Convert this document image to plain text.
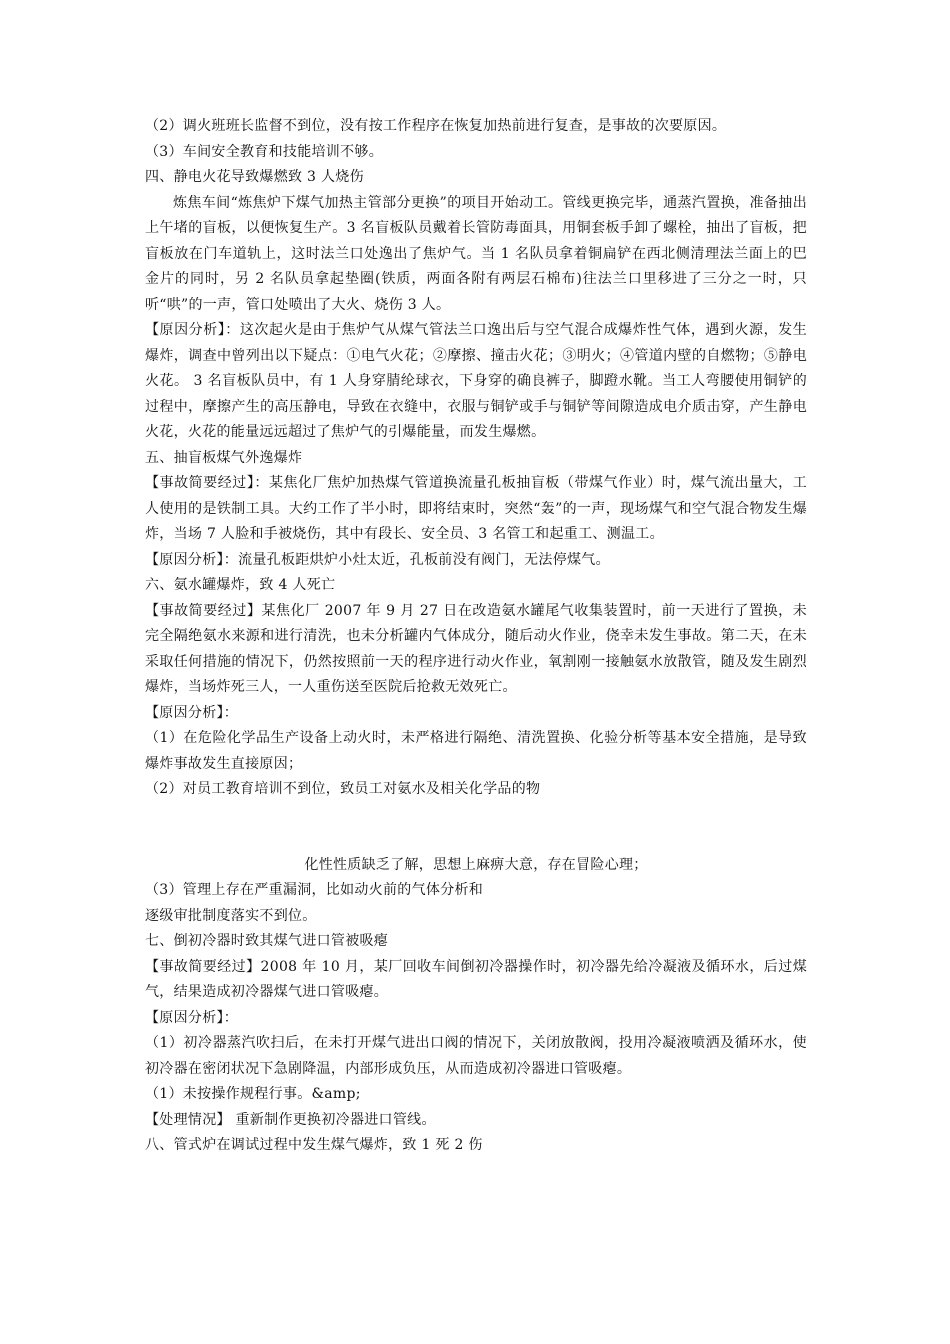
（2）调火班班长监督不到位，没有按工作程序在恢复加热前进行复查，是事故的次要原因。
（3）车间安全教育和技能培训不够。
四、静电火花导致爆燃致 3 人烧伤
炼焦车间“炼焦炉下煤气加热主管部分更换”的项目开始动工。管线更换完毕，通蒸汽置换，准备抽出上午堵的盲板，以便恢复生产。3 名盲板队员戴着长管防毒面具，用铜套板手卸了螺栓，抽出了盲板，把盲板放在门车道轨上，这时法兰口处逸出了焦炉气。当 1 名队员拿着铜扁铲在西北侧清理法兰面上的巴金片的同时，另 2 名队员拿起垫圈(铁质，两面各附有两层石棉布)往法兰口里移进了三分之一时，只听“哄”的一声，管口处喷出了大火、烧伤 3 人。
【原因分析】：这次起火是由于焦炉气从煤气管法兰口逸出后与空气混合成爆炸性气体，遇到火源，发生爆炸，调查中曾列出以下疑点：①电气火花；②摩擦、撞击火花；③明火；④管道内壁的自燃物；⑤静电火花。 3 名盲板队员中，有 1 人身穿腈纶球衣，下身穿的确良裤子，脚蹬水靴。当工人弯腰使用铜铲的过程中，摩擦产生的高压静电，导致在衣缝中，衣服与铜铲或手与铜铲等间隙造成电介质击穿，产生静电火花，火花的能量远远超过了焦炉气的引爆能量，而发生爆燃。
五、抽盲板煤气外逸爆炸
【事故简要经过】：某焦化厂焦炉加热煤气管道换流量孔板抽盲板（带煤气作业）时，煤气流出量大，工人使用的是铁制工具。大约工作了半小时，即将结束时，突然“轰”的一声，现场煤气和空气混合物发生爆炸，当场 7 人脸和手被烧伤，其中有段长、安全员、3 名管工和起重工、测温工。
【原因分析】：流量孔板距烘炉小灶太近，孔板前没有阀门，无法停煤气。
六、氨水罐爆炸，致 4 人死亡
【事故简要经过】某焦化厂 2007 年 9 月 27 日在改造氨水罐尾气收集装置时，前一天进行了置换，未完全隔绝氨水来源和进行清洗，也未分析罐内气体成分，随后动火作业，侥幸未发生事故。第二天，在未采取任何措施的情况下，仍然按照前一天的程序进行动火作业，氧割刚一接触氨水放散管，随及发生剧烈爆炸，当场炸死三人，一人重伤送至医院后抢救无效死亡。
【原因分析】：
（1）在危险化学品生产设备上动火时，未严格进行隔绝、清洗置换、化验分析等基本安全措施，是导致爆炸事故发生直接原因；
（2）对员工教育培训不到位，致员工对氨水及相关化学品的物
化性性质缺乏了解，思想上麻痹大意，存在冒险心理；
（3）管理上存在严重漏洞，比如动火前的气体分析和
逐级审批制度落实不到位。
七、倒初冷器时致其煤气进口管被吸瘪
【事故简要经过】2008 年 10 月，某厂回收车间倒初冷器操作时，初冷器先给冷凝液及循环水，后过煤气，结果造成初冷器煤气进口管吸瘪。
【原因分析】：
（1）初冷器蒸汽吹扫后，在未打开煤气进出口阀的情况下，关闭放散阀，投用冷凝液喷洒及循环水，使初冷器在密闭状况下急剧降温，内部形成负压，从而造成初冷器进口管吸瘪。
（1）未按操作规程行事。&amp;
【处理情况】 重新制作更换初冷器进口管线。
八、管式炉在调试过程中发生煤气爆炸，致 1 死 2 伤
